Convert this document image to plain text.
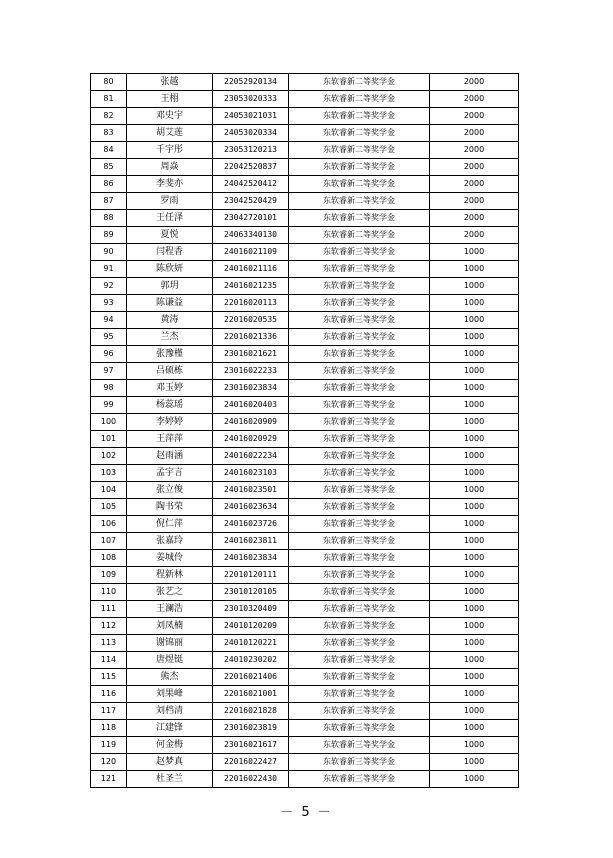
80	张越	22052920134	东软睿新二等奖学金	2000
81	王栩	23053020333	东软睿新二等奖学金	2000
82	邓史宇	24053021031	东软睿新二等奖学金	2000
83	胡艾莲	24053020334	东软睿新二等奖学金	2000
84	千宇彤	23053120213	东软睿新二等奖学金	2000
85	周焱	22042520837	东软睿新二等奖学金	2000
86	李斐亦	24042520412	东软睿新二等奖学金	2000
87	罗雨	23042520429	东软睿新二等奖学金	2000
88	王任泽	23042720101	东软睿新二等奖学金	2000
89	夏悦	24063340130	东软睿新二等奖学金	2000
90	闫程香	24016021109	东软睿新三等奖学金	1000
91	陈欣妍	24016021116	东软睿新三等奖学金	1000
92	郭玥	24016021235	东软睿新三等奖学金	1000
93	陈谦益	22016020113	东软睿新三等奖学金	1000
94	黄涛	22016020535	东软睿新三等奖学金	1000
95	兰杰	22016021336	东软睿新三等奖学金	1000
96	张豫槿	23016021621	东软睿新三等奖学金	1000
97	吕硕栋	23016022233	东软睿新三等奖学金	1000
98	邓玉婷	23016023834	东软睿新三等奖学金	1000
99	杨蕊瑶	24016020403	东软睿新三等奖学金	1000
100	李婷婷	24016020909	东软睿新三等奖学金	1000
101	王萍萍	24016020929	东软睿新三等奖学金	1000
102	赵雨涵	24016022234	东软睿新三等奖学金	1000
103	孟宇言	24016023103	东软睿新三等奖学金	1000
104	张立俊	24016023501	东软睿新三等奖学金	1000
105	陶书荣	24016023634	东软睿新三等奖学金	1000
106	倪仁萍	24016023726	东软睿新三等奖学金	1000
107	张嘉玲	24016023811	东软睿新三等奖学金	1000
108	姜城伶	24016023834	东软睿新三等奖学金	1000
109	程新林	22010120111	东软睿新三等奖学金	1000
110	张艺之	23010120105	东软睿新三等奖学金	1000
111	王澜浩	23010320409	东软睿新三等奖学金	1000
112	刘凤楠	24010120209	东软睿新三等奖学金	1000
113	谢锦丽	24010120221	东软睿新三等奖学金	1000
114	唐煜铤	24010230202	东软睿新三等奖学金	1000
115	熊杰	22016021406	东软睿新三等奖学金	1000
116	刘果峰	22016021001	东软睿新三等奖学金	1000
117	刘档清	22016021828	东软睿新三等奖学金	1000
118	江建锋	23016023819	东软睿新三等奖学金	1000
119	何金梅	23016021617	东软睿新三等奖学金	1000
120	赵梦真	22016022427	东软睿新三等奖学金	1000
121	杜圣兰	22016022430	东软睿新三等奖学金	1000
－ 5 －
